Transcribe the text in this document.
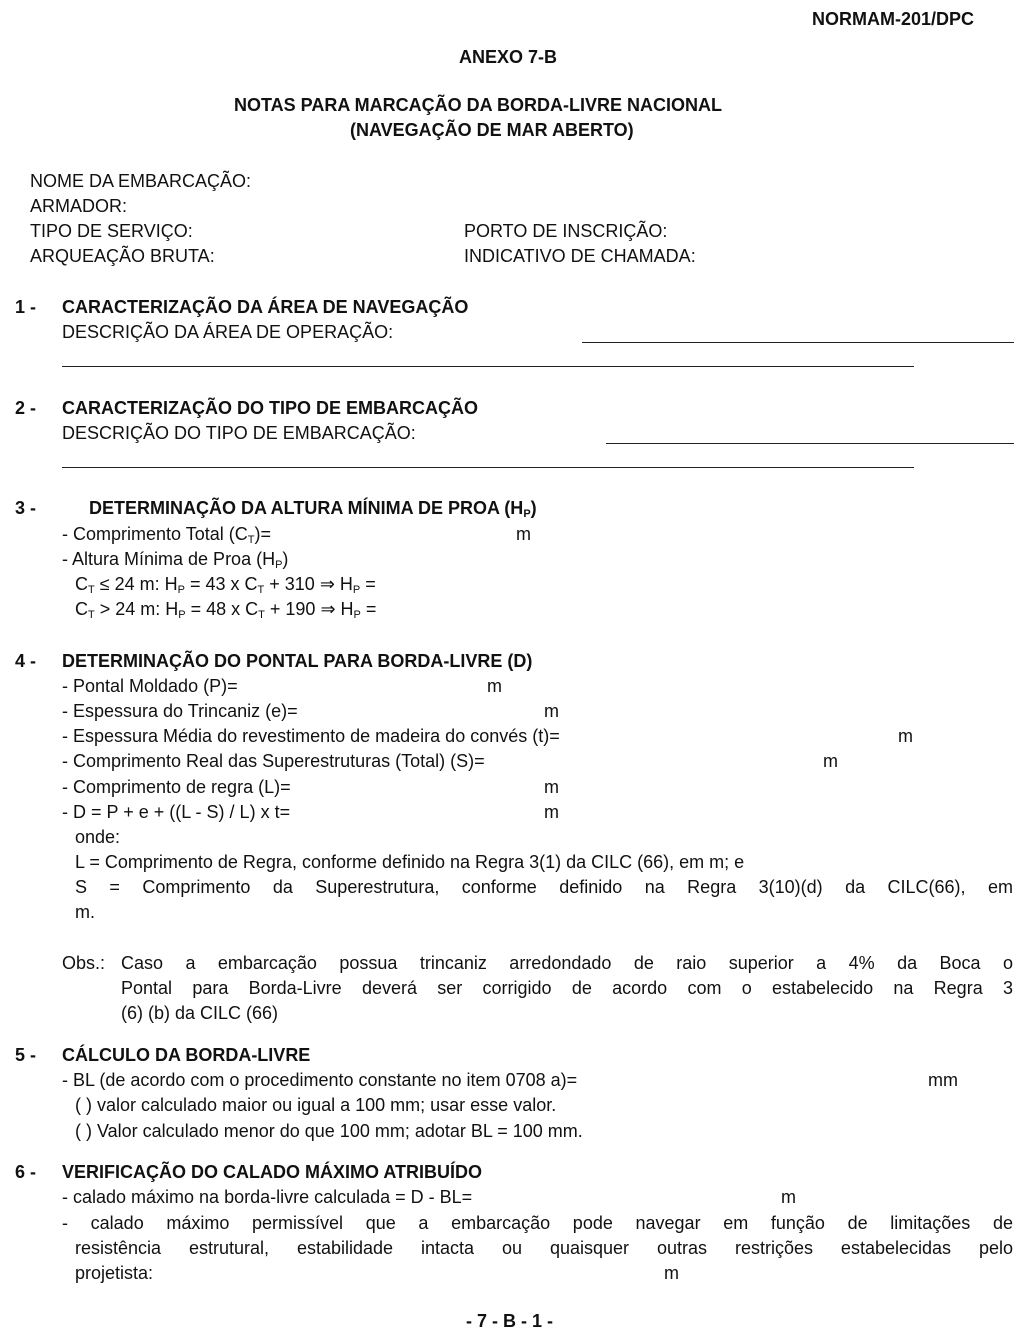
NORMAM-201/DPC
ANEXO 7-B
NOTAS PARA MARCAÇÃO DA BORDA-LIVRE NACIONAL
(NAVEGAÇÃO DE MAR ABERTO)
NOME DA EMBARCAÇÃO:
ARMADOR:
TIPO DE SERVIÇO:	PORTO DE INSCRIÇÃO:
ARQUEAÇÃO BRUTA:	INDICATIVO DE CHAMADA:
1 - CARACTERIZAÇÃO DA ÁREA DE NAVEGAÇÃO
DESCRIÇÃO DA ÁREA DE OPERAÇÃO:
2 - CARACTERIZAÇÃO DO TIPO DE EMBARCAÇÃO
DESCRIÇÃO DO TIPO DE EMBARCAÇÃO:
3 -	DETERMINAÇÃO DA ALTURA MÍNIMA DE PROA $(H_P)$
- Comprimento Total $(C_T)=$	m
- Altura Mínima de Proa $(H_P)$
$C_T \le 24$ m: $H_P = 43$ x $C_T + 310$ ⇒ $H_P$ =
$C_T > 24$ m: $H_P = 48$ x $C_T + 190$ ⇒ $H_P$ =
4 - DETERMINAÇÃO DO PONTAL PARA BORDA-LIVRE (D)
- Pontal Moldado (P)=	m
- Espessura do Trincaniz (e)=	m
- Espessura Média do revestimento de madeira do convés (t)=	m
- Comprimento Real das Superestruturas (Total) (S)=	m
- Comprimento de regra (L)=	m
- D = P + e + ((L - S) / L) x t=	m
onde:
L = Comprimento de Regra, conforme definido na Regra 3(1) da CILC (66), em m; e
S = Comprimento da Superestrutura, conforme definido na Regra 3(10)(d) da CILC(66), em
m.
Obs.: Caso a embarcação possua trincaniz arredondado de raio superior a 4% da Boca o
Pontal para Borda-Livre deverá ser corrigido de acordo com o estabelecido na Regra 3
(6) (b) da CILC (66)
5 - CÁLCULO DA BORDA-LIVRE
- BL (de acordo com o procedimento constante no item 0708 a)=	mm
( ) valor calculado maior ou igual a 100 mm; usar esse valor.
( ) Valor calculado menor do que 100 mm; adotar BL = 100 mm.
6 - VERIFICAÇÃO DO CALADO MÁXIMO ATRIBUÍDO
- calado máximo na borda-livre calculada = D - BL=	m
- calado máximo permissível que a embarcação pode navegar em função de limitações de
resistência estrutural, estabilidade intacta ou quaisquer outras restrições estabelecidas pelo
projetista:	m
- 7 - B - 1 -
